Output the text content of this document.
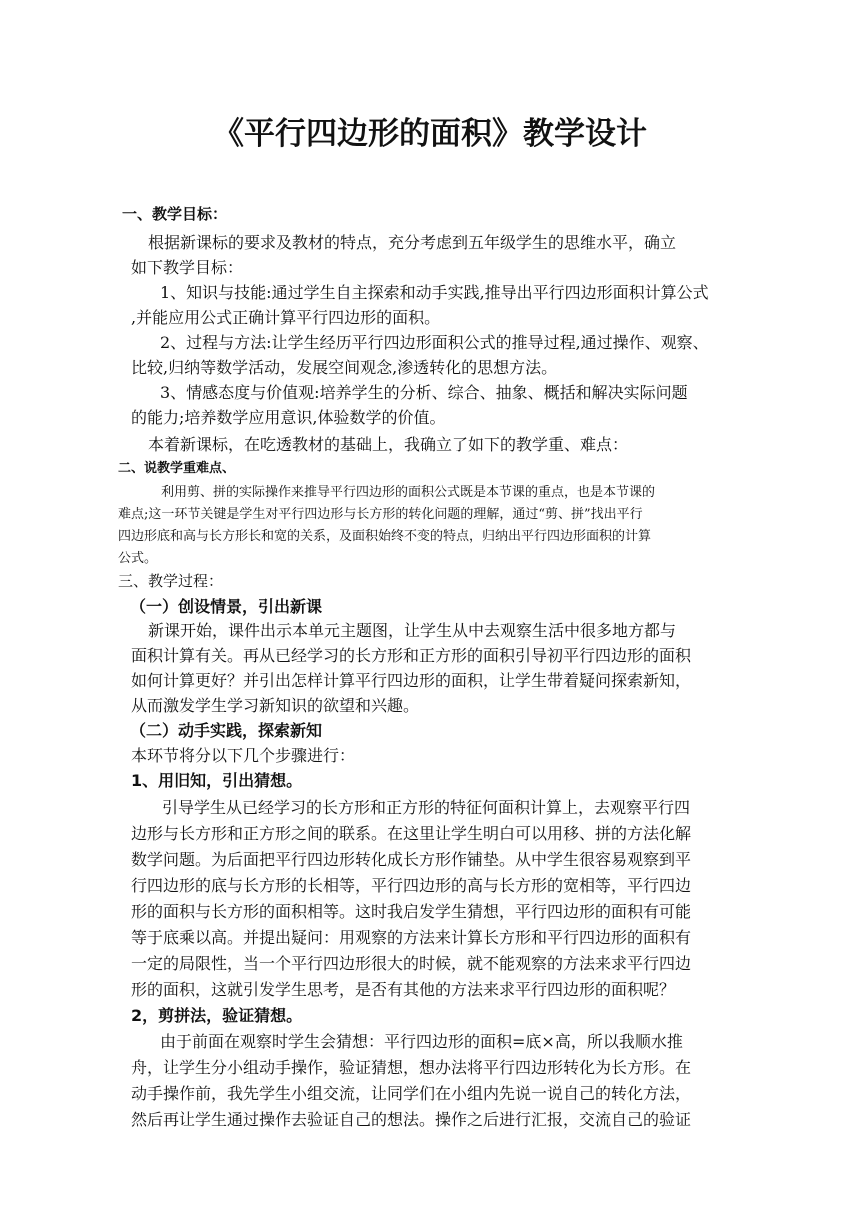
《平行四边形的面积》教学设计
一、教学目标：
根据新课标的要求及教材的特点，充分考虑到五年级学生的思维水平，确立
如下教学目标：
1、知识与技能:通过学生自主探索和动手实践,推导出平行四边形面积计算公式
,并能应用公式正确计算平行四边形的面积。
2、过程与方法:让学生经历平行四边形面积公式的推导过程,通过操作、观察、
比较,归纳等数学活动，发展空间观念,渗透转化的思想方法。
3、情感态度与价值观:培养学生的分析、综合、抽象、概括和解决实际问题
的能力;培养数学应用意识,体验数学的价值。
本着新课标，在吃透教材的基础上，我确立了如下的教学重、难点：
二、说教学重难点、
利用剪、拼的实际操作来推导平行四边形的面积公式既是本节课的重点，也是本节课的
难点;这一环节关键是学生对平行四边形与长方形的转化问题的理解，通过“剪、拼”找出平行
四边形底和高与长方形长和宽的关系，及面积始终不变的特点，归纳出平行四边形面积的计算
公式。
三、教学过程：
（一）创设情景，引出新课
新课开始，课件出示本单元主题图，让学生从中去观察生活中很多地方都与
面积计算有关。再从已经学习的长方形和正方形的面积引导初平行四边形的面积
如何计算更好？并引出怎样计算平行四边形的面积，让学生带着疑问探索新知，
从而激发学生学习新知识的欲望和兴趣。
（二）动手实践，探索新知
本环节将分以下几个步骤进行：
1、用旧知，引出猜想。
引导学生从已经学习的长方形和正方形的特征何面积计算上，去观察平行四
边形与长方形和正方形之间的联系。在这里让学生明白可以用移、拼的方法化解
数学问题。为后面把平行四边形转化成长方形作铺垫。从中学生很容易观察到平
行四边形的底与长方形的长相等，平行四边形的高与长方形的宽相等，平行四边
形的面积与长方形的面积相等。这时我启发学生猜想，平行四边形的面积有可能
等于底乘以高。并提出疑问：用观察的方法来计算长方形和平行四边形的面积有
一定的局限性，当一个平行四边形很大的时候，就不能观察的方法来求平行四边
形的面积，这就引发学生思考，是否有其他的方法来求平行四边形的面积呢？
2，剪拼法，验证猜想。
由于前面在观察时学生会猜想：平行四边形的面积=底×高，所以我顺水推
舟，让学生分小组动手操作，验证猜想，想办法将平行四边形转化为长方形。在
动手操作前，我先学生小组交流，让同学们在小组内先说一说自己的转化方法，
然后再让学生通过操作去验证自己的想法。操作之后进行汇报，交流自己的验证
